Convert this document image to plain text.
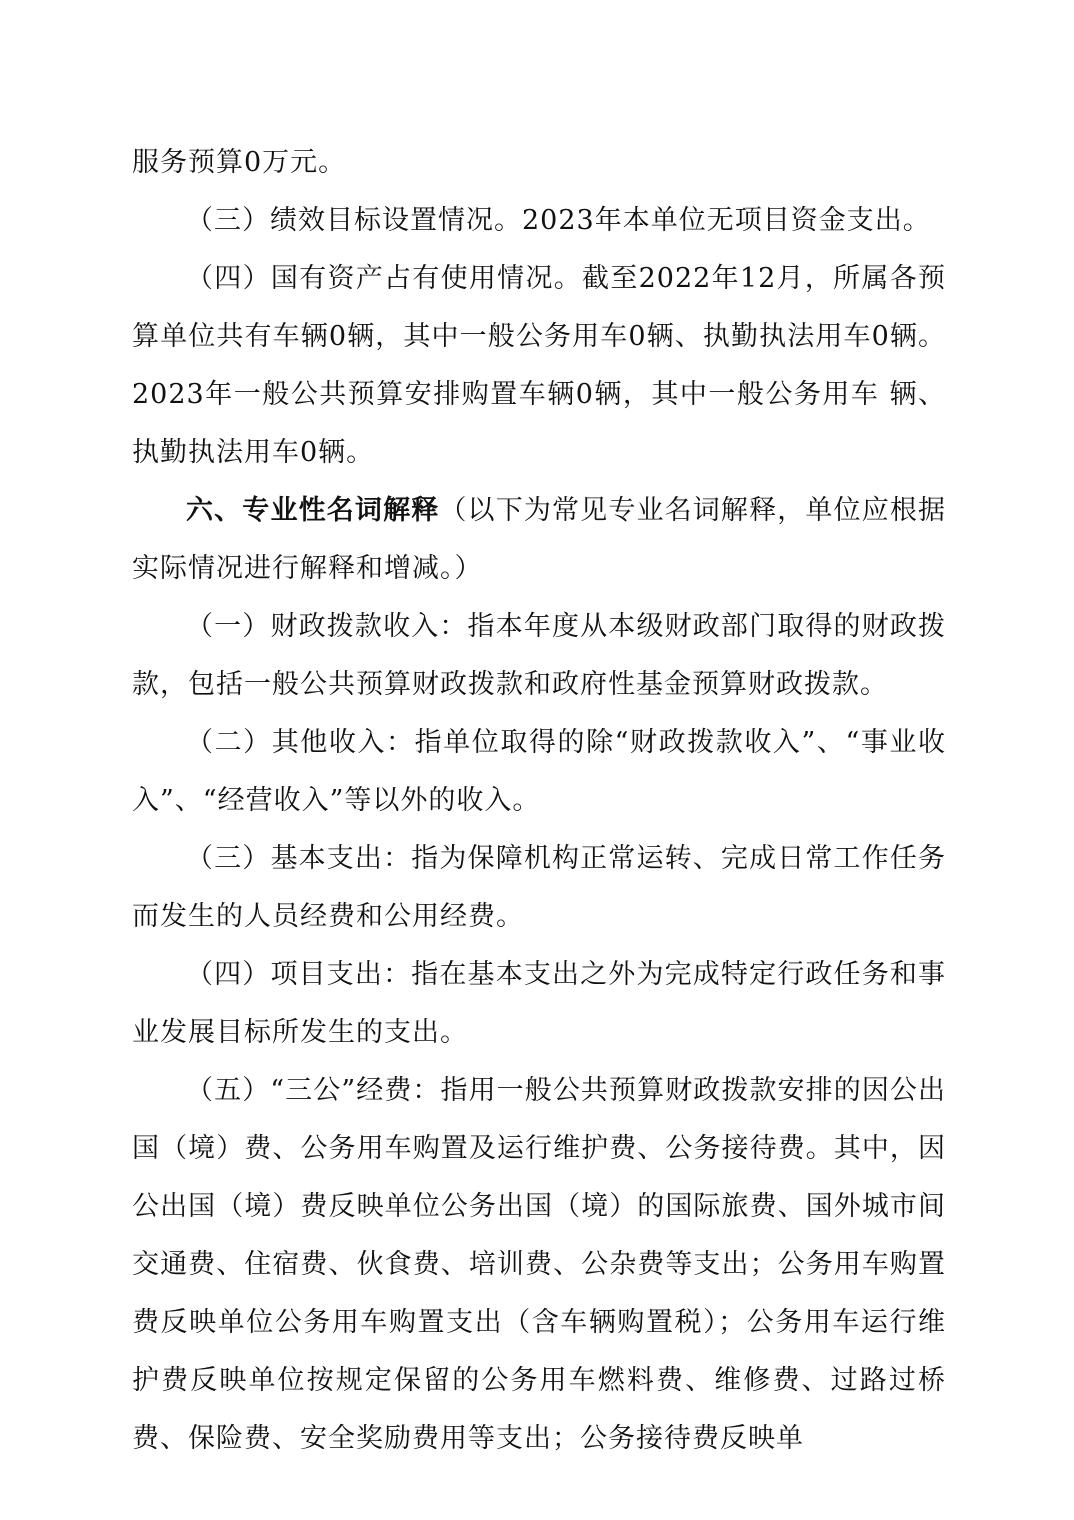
服务预算0万元。

（三）绩效目标设置情况。2023年本单位无项目资金支出。

（四）国有资产占有使用情况。截至2022年12月，所属各预算单位共有车辆0辆，其中一般公务用车0辆、执勤执法用车0辆。2023年一般公共预算安排购置车辆0辆，其中一般公务用车 辆、执勤执法用车0辆。

六、专业性名词解释（以下为常见专业名词解释，单位应根据实际情况进行解释和增减。）

（一）财政拨款收入：指本年度从本级财政部门取得的财政拨款，包括一般公共预算财政拨款和政府性基金预算财政拨款。

（二）其他收入：指单位取得的除“财政拨款收入”、“事业收入”、“经营收入”等以外的收入。

（三）基本支出：指为保障机构正常运转、完成日常工作任务而发生的人员经费和公用经费。

（四）项目支出：指在基本支出之外为完成特定行政任务和事业发展目标所发生的支出。

（五）“三公”经费：指用一般公共预算财政拨款安排的因公出国（境）费、公务用车购置及运行维护费、公务接待费。其中，因公出国（境）费反映单位公务出国（境）的国际旅费、国外城市间交通费、住宿费、伙食费、培训费、公杂费等支出；公务用车购置费反映单位公务用车购置支出（含车辆购置税）；公务用车运行维护费反映单位按规定保留的公务用车燃料费、维修费、过路过桥费、保险费、安全奖励费用等支出；公务接待费反映单
